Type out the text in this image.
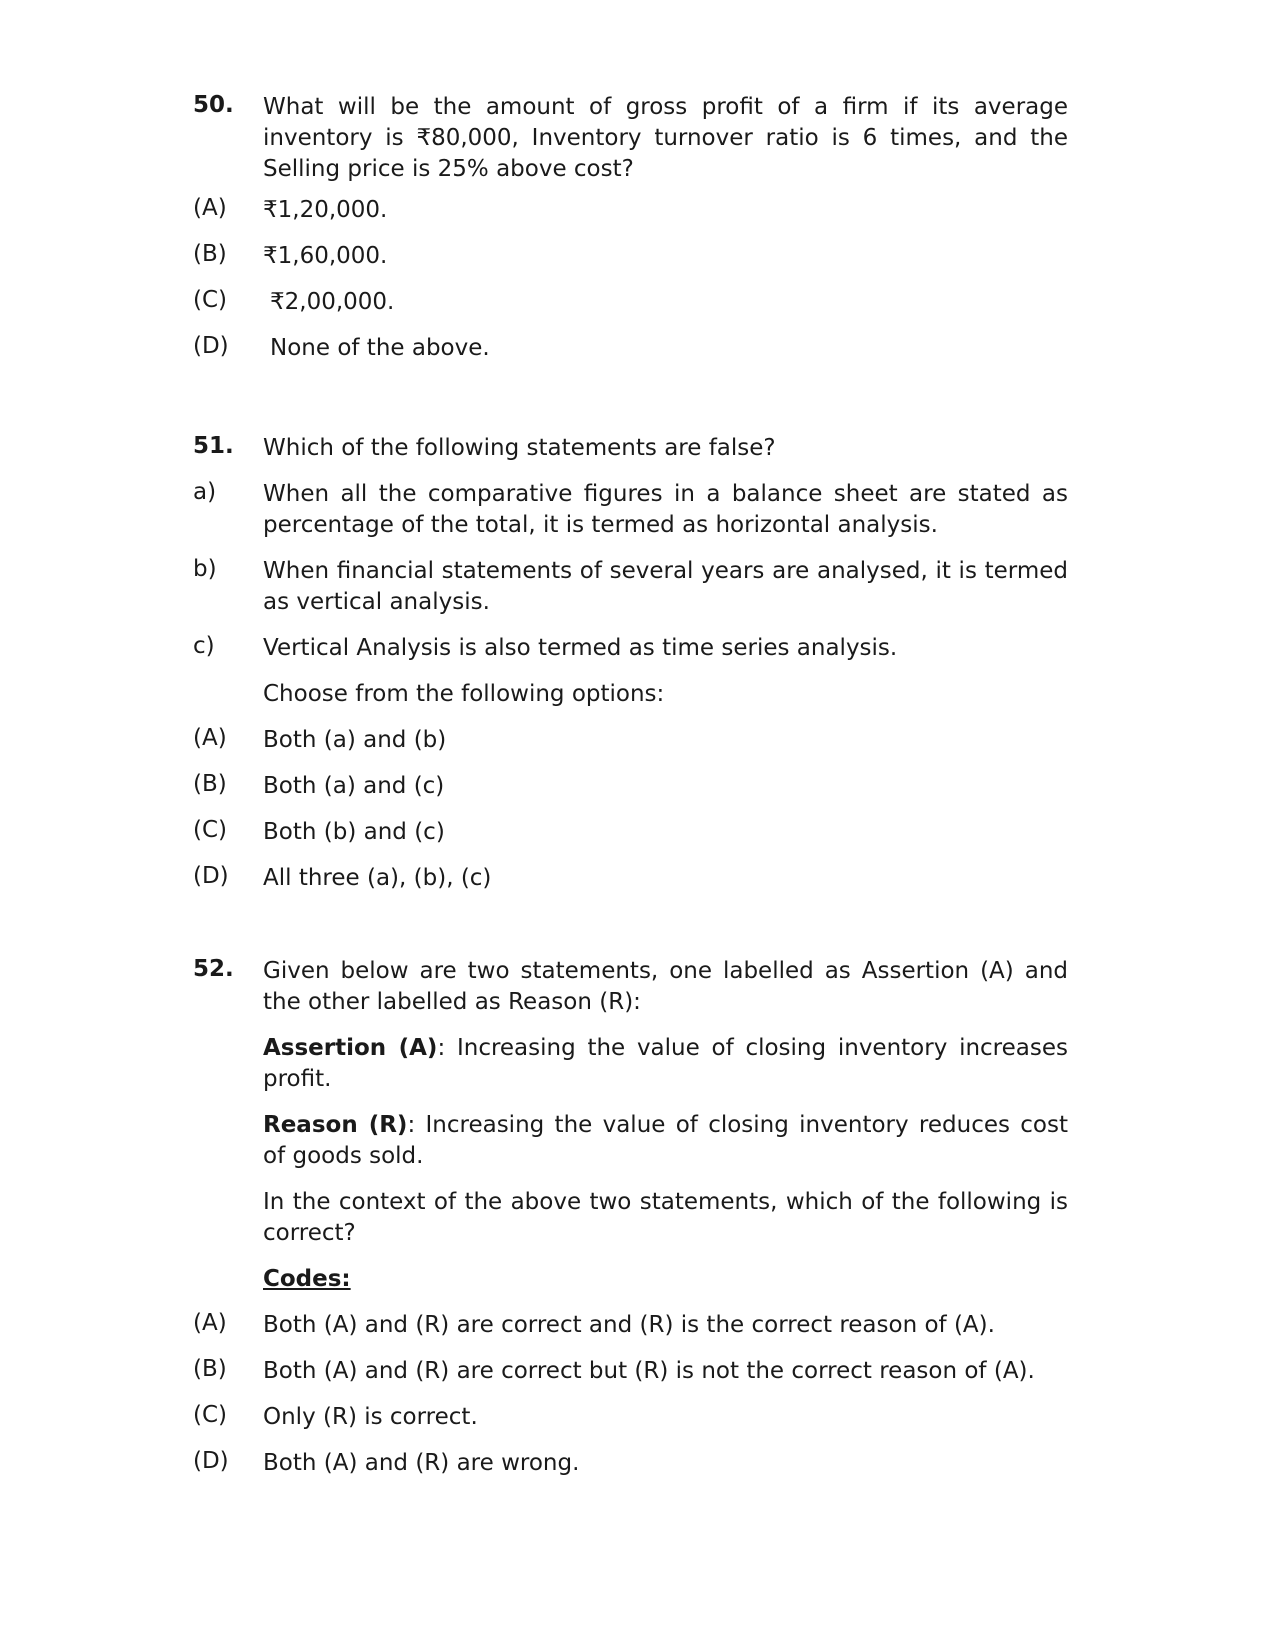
50. What will be the amount of gross profit of a firm if its average inventory is ₹80,000, Inventory turnover ratio is 6 times, and the Selling price is 25% above cost?
(A) ₹1,20,000.
(B) ₹1,60,000.
(C) ₹2,00,000.
(D) None of the above.
51. Which of the following statements are false?
a) When all the comparative figures in a balance sheet are stated as percentage of the total, it is termed as horizontal analysis.
b) When financial statements of several years are analysed, it is termed as vertical analysis.
c) Vertical Analysis is also termed as time series analysis.
Choose from the following options:
(A) Both (a) and (b)
(B) Both (a) and (c)
(C) Both (b) and (c)
(D) All three (a), (b), (c)
52. Given below are two statements, one labelled as Assertion (A) and the other labelled as Reason (R):
Assertion (A): Increasing the value of closing inventory increases profit.
Reason (R): Increasing the value of closing inventory reduces cost of goods sold.
In the context of the above two statements, which of the following is correct?
Codes:
(A) Both (A) and (R) are correct and (R) is the correct reason of (A).
(B) Both (A) and (R) are correct but (R) is not the correct reason of (A).
(C) Only (R) is correct.
(D) Both (A) and (R) are wrong.
